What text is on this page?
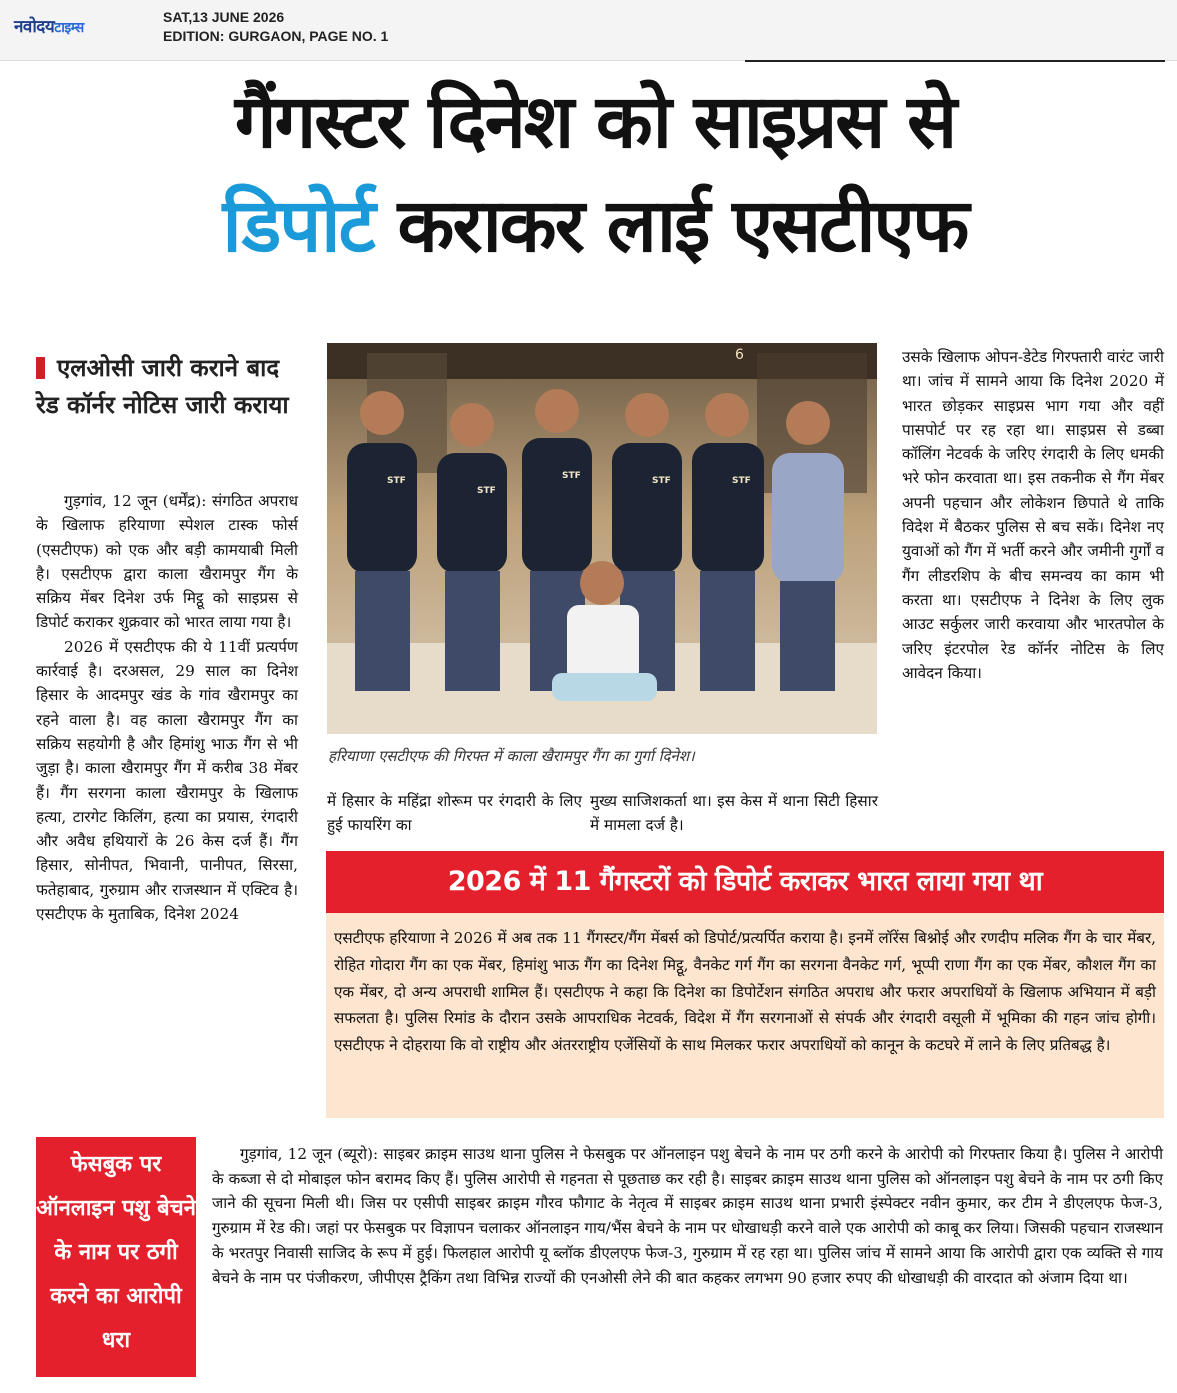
नवोदयटाइम्स
SAT,13 JUNE 2026
EDITION: GURGAON, PAGE NO. 1
गैंगस्टर दिनेश को साइप्रस से
डिपोर्ट कराकर लाई एसटीएफ
एलओसी जारी कराने बाद रेड कॉर्नर नोटिस जारी कराया

गुड़गांव, 12 जून (धर्मेंद्र): संगठित अपराध के खिलाफ हरियाणा स्पेशल टास्क फोर्स (एसटीएफ) को एक और बड़ी कामयाबी मिली है। एसटीएफ द्वारा काला खैरामपुर गैंग के सक्रिय मेंबर दिनेश उर्फ मिट्ठू को साइप्रस से डिपोर्ट कराकर शुक्रवार को भारत लाया गया है।

2026 में एसटीएफ की ये 11वीं प्रत्यर्पण कार्रवाई है। दरअसल, 29 साल का दिनेश हिसार के आदमपुर खंड के गांव खैरामपुर का रहने वाला है। वह काला खैरामपुर गैंग का सक्रिय सहयोगी है और हिमांशु भाऊ गैंग से भी जुड़ा है। काला खैरामपुर गैंग में करीब 38 मेंबर हैं। गैंग सरगना काला खैरामपुर के खिलाफ हत्या, टारगेट किलिंग, हत्या का प्रयास, रंगदारी और अवैध हथियारों के 26 केस दर्ज हैं। गैंग हिसार, सोनीपत, भिवानी, पानीपत, सिरसा, फतेहाबाद, गुरुग्राम और राजस्थान में एक्टिव है। एसटीएफ के मुताबिक, दिनेश 2024

6
STF
STF
STF	STF	STF
हरियाणा एसटीएफ की गिरफ्त में काला खैरामपुर गैंग का गुर्गा दिनेश।
में हिसार के महिंद्रा शोरूम पर रंगदारी के लिए हुई फायरिंग का
मुख्य साजिशकर्ता था। इस केस में थाना सिटी हिसार में मामला दर्ज है।
उसके खिलाफ ओपन-डेटेड गिरफ्तारी वारंट जारी था। जांच में सामने आया कि दिनेश 2020 में भारत छोड़कर साइप्रस भाग गया और वहीं पासपोर्ट पर रह रहा था। साइप्रस से डब्बा कॉलिंग नेटवर्क के जरिए रंगदारी के लिए धमकी भरे फोन करवाता था। इस तकनीक से गैंग मेंबर अपनी पहचान और लोकेशन छिपाते थे ताकि विदेश में बैठकर पुलिस से बच सकें। दिनेश नए युवाओं को गैंग में भर्ती करने और जमीनी गुर्गों व गैंग लीडरशिप के बीच समन्वय का काम भी करता था। एसटीएफ ने दिनेश के लिए लुक आउट सर्कुलर जारी करवाया और भारतपोल के जरिए इंटरपोल रेड कॉर्नर नोटिस के लिए आवेदन किया।
2026 में 11 गैंगस्टरों को डिपोर्ट कराकर भारत लाया गया था
एसटीएफ हरियाणा ने 2026 में अब तक 11 गैंगस्टर/गैंग मेंबर्स को डिपोर्ट/प्रत्यर्पित कराया है। इनमें लॉरेंस बिश्नोई और रणदीप मलिक गैंग के चार मेंबर, रोहित गोदारा गैंग का एक मेंबर, हिमांशु भाऊ गैंग का दिनेश मिट्ठू, वैनकेट गर्ग गैंग का सरगना वैनकेट गर्ग, भूप्पी राणा गैंग का एक मेंबर, कौशल गैंग का एक मेंबर, दो अन्य अपराधी शामिल हैं। एसटीएफ ने कहा कि दिनेश का डिपोर्टेशन संगठित अपराध और फरार अपराधियों के खिलाफ अभियान में बड़ी सफलता है। पुलिस रिमांड के दौरान उसके आपराधिक नेटवर्क, विदेश में गैंग सरगनाओं से संपर्क और रंगदारी वसूली में भूमिका की गहन जांच होगी। एसटीएफ ने दोहराया कि वो राष्ट्रीय और अंतरराष्ट्रीय एजेंसियों के साथ मिलकर फरार अपराधियों को कानून के कटघरे में लाने के लिए प्रतिबद्ध है।
फेसबुक पर ऑनलाइन पशु बेचने के नाम पर ठगी करने का आरोपी धरा
गुड़गांव, 12 जून (ब्यूरो): साइबर क्राइम साउथ थाना पुलिस ने फेसबुक पर ऑनलाइन पशु बेचने के नाम पर ठगी करने के आरोपी को गिरफ्तार किया है। पुलिस ने आरोपी के कब्जा से दो मोबाइल फोन बरामद किए हैं। पुलिस आरोपी से गहनता से पूछताछ कर रही है। साइबर क्राइम साउथ थाना पुलिस को ऑनलाइन पशु बेचने के नाम पर ठगी किए जाने की सूचना मिली थी। जिस पर एसीपी साइबर क्राइम गौरव फौगाट के नेतृत्व में साइबर क्राइम साउथ थाना प्रभारी इंस्पेक्टर नवीन कुमार, कर टीम ने डीएलएफ फेज-3, गुरुग्राम में रेड की। जहां पर फेसबुक पर विज्ञापन चलाकर ऑनलाइन गाय/भैंस बेचने के नाम पर धोखाधड़ी करने वाले एक आरोपी को काबू कर लिया। जिसकी पहचान राजस्थान के भरतपुर निवासी साजिद के रूप में हुई। फिलहाल आरोपी यू ब्लॉक डीएलएफ फेज-3, गुरुग्राम में रह रहा था। पुलिस जांच में सामने आया कि आरोपी द्वारा एक व्यक्ति से गाय बेचने के नाम पर पंजीकरण, जीपीएस ट्रैकिंग तथा विभिन्न राज्यों की एनओसी लेने की बात कहकर लगभग 90 हजार रुपए की धोखाधड़ी की वारदात को अंजाम दिया था।
